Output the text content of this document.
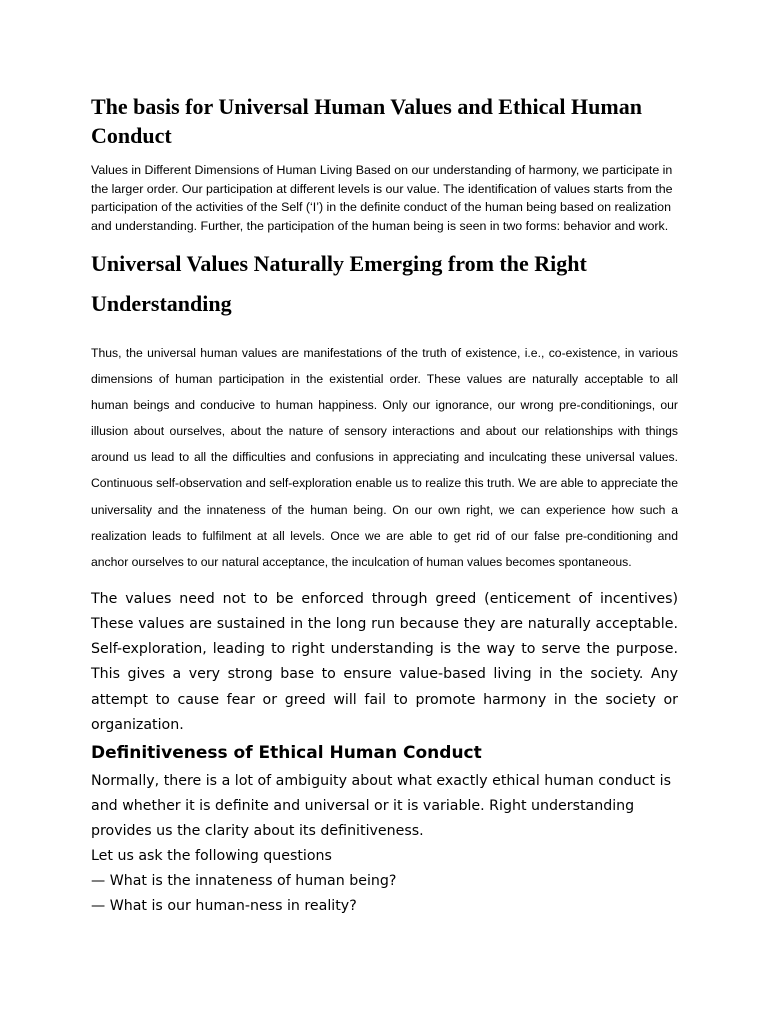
The basis for Universal Human Values and Ethical Human Conduct

Values in Different Dimensions of Human Living Based on our understanding of harmony, we participate in the larger order. Our participation at different levels is our value. The identification of values starts from the participation of the activities of the Self (‘I’) in the definite conduct of the human being based on realization and understanding. Further, the participation of the human being is seen in two forms: behavior and work.

Universal Values Naturally Emerging from the Right Understanding

Thus, the universal human values are manifestations of the truth of existence, i.e., co-existence, in various dimensions of human participation in the existential order. These values are naturally acceptable to all human beings and conducive to human happiness. Only our ignorance, our wrong pre-conditionings, our illusion about ourselves, about the nature of sensory interactions and about our relationships with things around us lead to all the difficulties and confusions in appreciating and inculcating these universal values. Continuous self-observation and self-exploration enable us to realize this truth. We are able to appreciate the universality and the innateness of the human being. On our own right, we can experience how such a realization leads to fulfilment at all levels. Once we are able to get rid of our false pre-conditioning and anchor ourselves to our natural acceptance, the inculcation of human values becomes spontaneous.

The values need not to be enforced through greed (enticement of incentives) These values are sustained in the long run because they are naturally acceptable. Self-exploration, leading to right understanding is the way to serve the purpose. This gives a very strong base to ensure value-based living in the society. Any attempt to cause fear or greed will fail to promote harmony in the society or organization.

Definitiveness of Ethical Human Conduct
Normally, there is a lot of ambiguity about what exactly ethical human conduct is
and whether it is definite and universal or it is variable. Right understanding
provides us the clarity about its definitiveness.
Let us ask the following questions
— What is the innateness of human being?
— What is our human-ness in reality?
